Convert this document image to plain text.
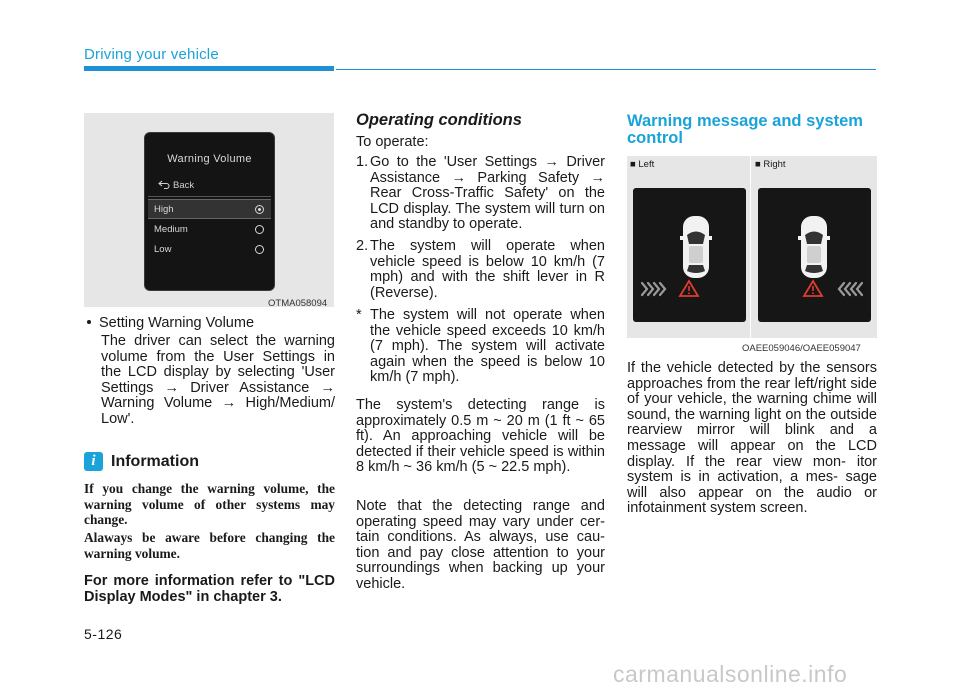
Driving your vehicle
Warning Volume
Back
High
Medium
Low
OTMA058094
Setting Warning Volume
The driver can select the warning volume from the User Settings in the LCD display by selecting 'User Settings → Driver Assistance → Warning Volume → High/Medium/ Low'.
i Information
If you change the warning volume, the warning volume of other systems may change.
Alaways be aware before changing the warning volume.
For more information refer to "LCD Display Modes" in chapter 3.
Operating conditions
To operate:
1. Go to the 'User Settings → Driver Assistance → Parking Safety → Rear Cross-Traffic Safety' on the LCD display. The system will turn on and standby to operate.
2. The system will operate when vehicle speed is below 10 km/h (7 mph) and with the shift lever in R (Reverse).
* The system will not operate when the vehicle speed exceeds 10 km/h (7 mph). The system will activate again when the speed is below 10 km/h (7 mph).
The system's detecting range is approximately 0.5 m ~ 20 m (1 ft ~ 65 ft). An approaching vehicle will be detected if their vehicle speed is within 8 km/h ~ 36 km/h (5 ~ 22.5 mph).
Note that the detecting range and operating speed may vary under cer- tain conditions. As always, use cau- tion and pay close attention to your surroundings when backing up your vehicle.
Warning message and system control
■ Left	■ Right
OAEE059046/OAEE059047
If the vehicle detected by the sensors approaches from the rear left/right side of your vehicle, the warning chime will sound, the warning light on the outside rearview mirror will blink and a message will appear on the LCD display. If the rear view mon- itor system is in activation, a mes- sage will also appear on the audio or infotainment system screen.
5-126
carmanualsonline.info
